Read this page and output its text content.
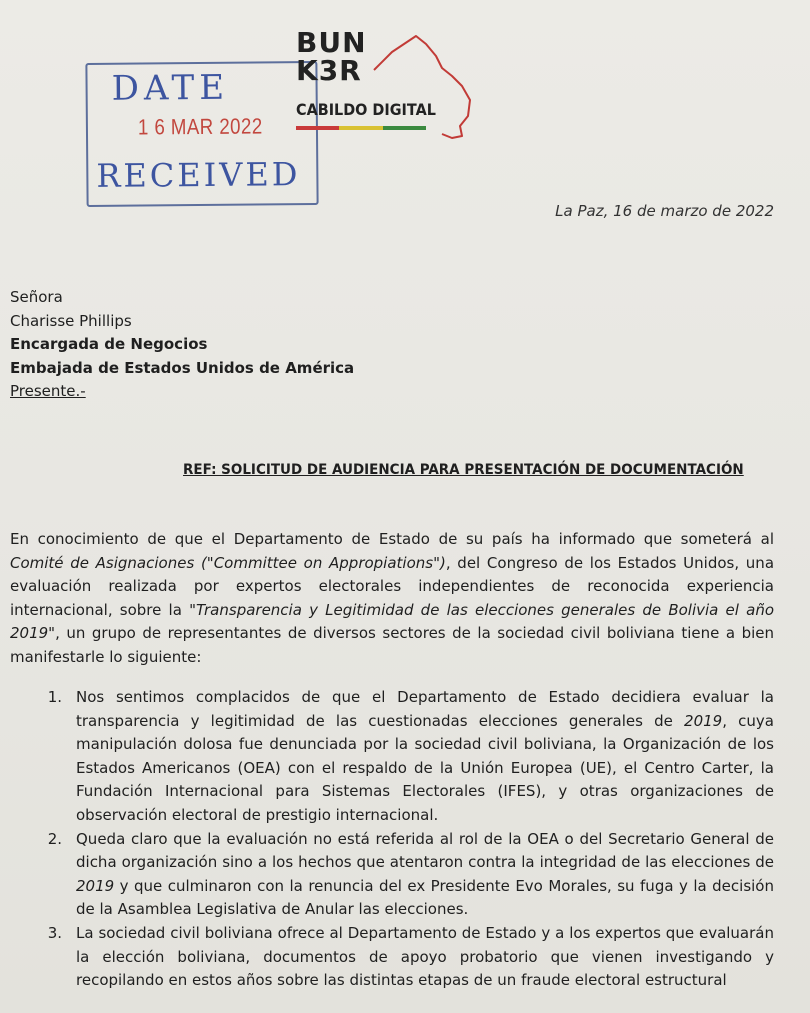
DATE
1 6 MAR 2022
RECEIVED
BUN
K3R
CABILDO DIGITAL
La Paz, 16 de marzo de 2022
Señora
Charisse Phillips
Encargada de Negocios
Embajada de Estados Unidos de América
Presente.-
REF: SOLICITUD DE AUDIENCIA PARA PRESENTACIÓN DE DOCUMENTACIÓN
En conocimiento de que el Departamento de Estado de su país ha informado que someterá al Comité de Asignaciones ("Committee on Appropiations"), del Congreso de los Estados Unidos, una evaluación realizada por expertos electorales independientes de reconocida experiencia internacional, sobre la "Transparencia y Legitimidad de las elecciones generales de Bolivia el año 2019", un grupo de representantes de diversos sectores de la sociedad civil boliviana tiene a bien manifestarle lo siguiente:
1. Nos sentimos complacidos de que el Departamento de Estado decidiera evaluar la transparencia y legitimidad de las cuestionadas elecciones generales de 2019, cuya manipulación dolosa fue denunciada por la sociedad civil boliviana, la Organización de los Estados Americanos (OEA) con el respaldo de la Unión Europea (UE), el Centro Carter, la Fundación Internacional para Sistemas Electorales (IFES), y otras organizaciones de observación electoral de prestigio internacional.
2. Queda claro que la evaluación no está referida al rol de la OEA o del Secretario General de dicha organización sino a los hechos que atentaron contra la integridad de las elecciones de 2019 y que culminaron con la renuncia del ex Presidente Evo Morales, su fuga y la decisión de la Asamblea Legislativa de Anular las elecciones.
3. La sociedad civil boliviana ofrece al Departamento de Estado y a los expertos que evaluarán la elección boliviana, documentos de apoyo probatorio que vienen investigando y recopilando en estos años sobre las distintas etapas de un fraude electoral estructural
